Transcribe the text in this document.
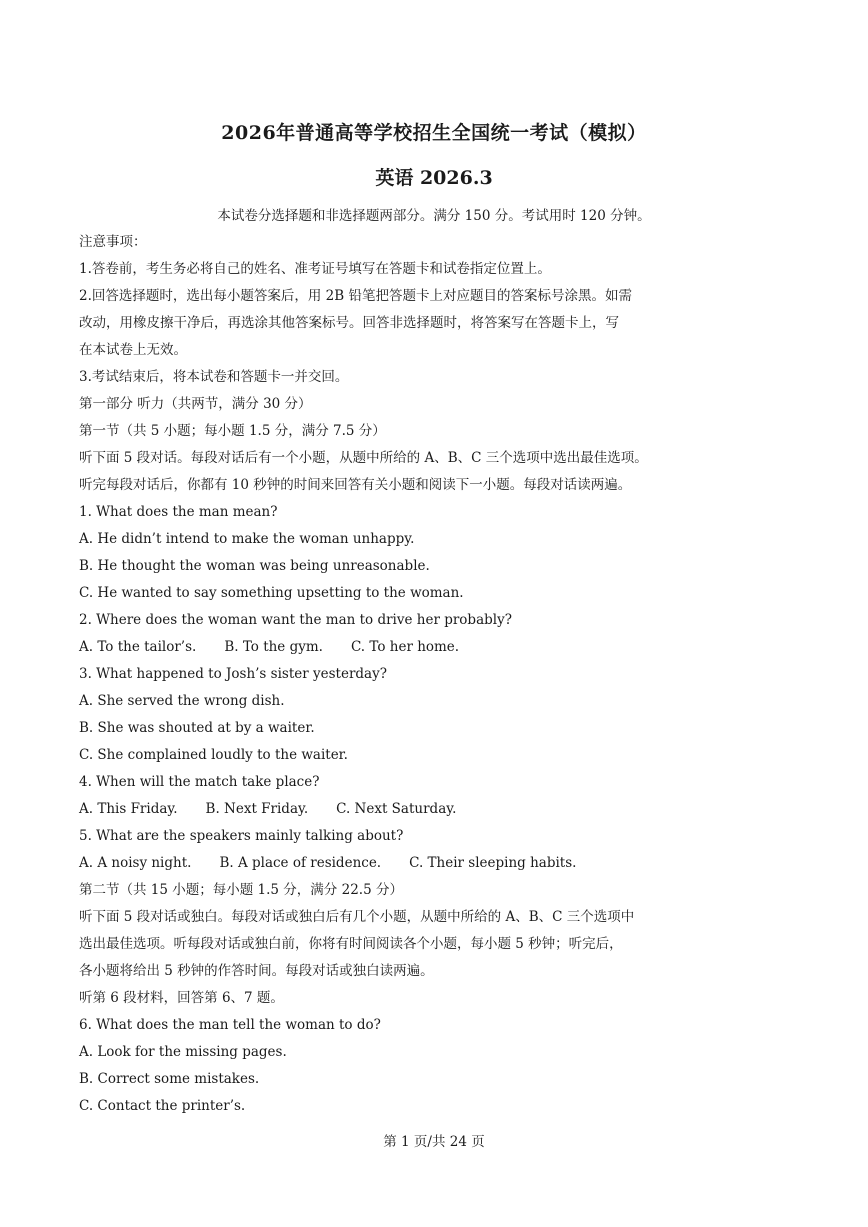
2026年普通高等学校招生全国统一考试（模拟）
英语 2026.3
本试卷分选择题和非选择题两部分。满分 150 分。考试用时 120 分钟。
注意事项：
1.答卷前，考生务必将自己的姓名、准考证号填写在答题卡和试卷指定位置上。
2.回答选择题时，选出每小题答案后，用 2B 铅笔把答题卡上对应题目的答案标号涂黑。如需
改动，用橡皮擦干净后，再选涂其他答案标号。回答非选择题时，将答案写在答题卡上，写
在本试卷上无效。
3.考试结束后，将本试卷和答题卡一并交回。
第一部分 听力（共两节，满分 30 分）
第一节（共 5 小题；每小题 1.5 分，满分 7.5 分）
听下面 5 段对话。每段对话后有一个小题，从题中所给的 A、B、C 三个选项中选出最佳选项。
听完每段对话后，你都有 10 秒钟的时间来回答有关小题和阅读下一小题。每段对话读两遍。
1. What does the man mean?
A. He didn’t intend to make the woman unhappy.
B. He thought the woman was being unreasonable.
C. He wanted to say something upsetting to the woman.
2. Where does the woman want the man to drive her probably?
A. To the tailor’s. B. To the gym. C. To her home.
3. What happened to Josh’s sister yesterday?
A. She served the wrong dish.
B. She was shouted at by a waiter.
C. She complained loudly to the waiter.
4. When will the match take place?
A. This Friday. B. Next Friday. C. Next Saturday.
5. What are the speakers mainly talking about?
A. A noisy night. B. A place of residence. C. Their sleeping habits.
第二节（共 15 小题；每小题 1.5 分，满分 22.5 分）
听下面 5 段对话或独白。每段对话或独白后有几个小题，从题中所给的 A、B、C 三个选项中
选出最佳选项。听每段对话或独白前，你将有时间阅读各个小题，每小题 5 秒钟；听完后，
各小题将给出 5 秒钟的作答时间。每段对话或独白读两遍。
听第 6 段材料，回答第 6、7 题。
6. What does the man tell the woman to do?
A. Look for the missing pages.
B. Correct some mistakes.
C. Contact the printer’s.
第 1 页/共 24 页
